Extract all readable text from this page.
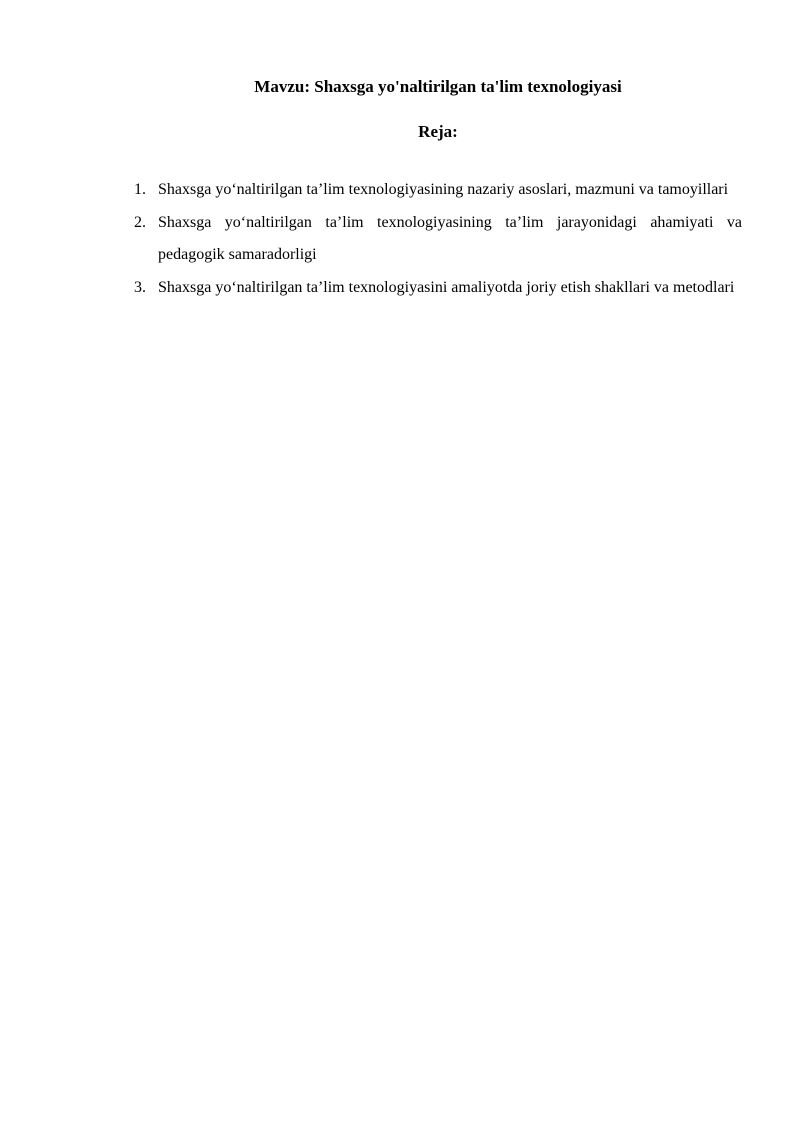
Mavzu: Shaxsga yo'naltirilgan ta'lim texnologiyasi
Reja:
1. Shaxsga yo‘naltirilgan ta’lim texnologiyasining nazariy asoslari, mazmuni va tamoyillari
2. Shaxsga yo‘naltirilgan ta’lim texnologiyasining ta’lim jarayonidagi ahamiyati va pedagogik samaradorligi
3. Shaxsga yo‘naltirilgan ta’lim texnologiyasini amaliyotda joriy etish shakllari va metodlari
